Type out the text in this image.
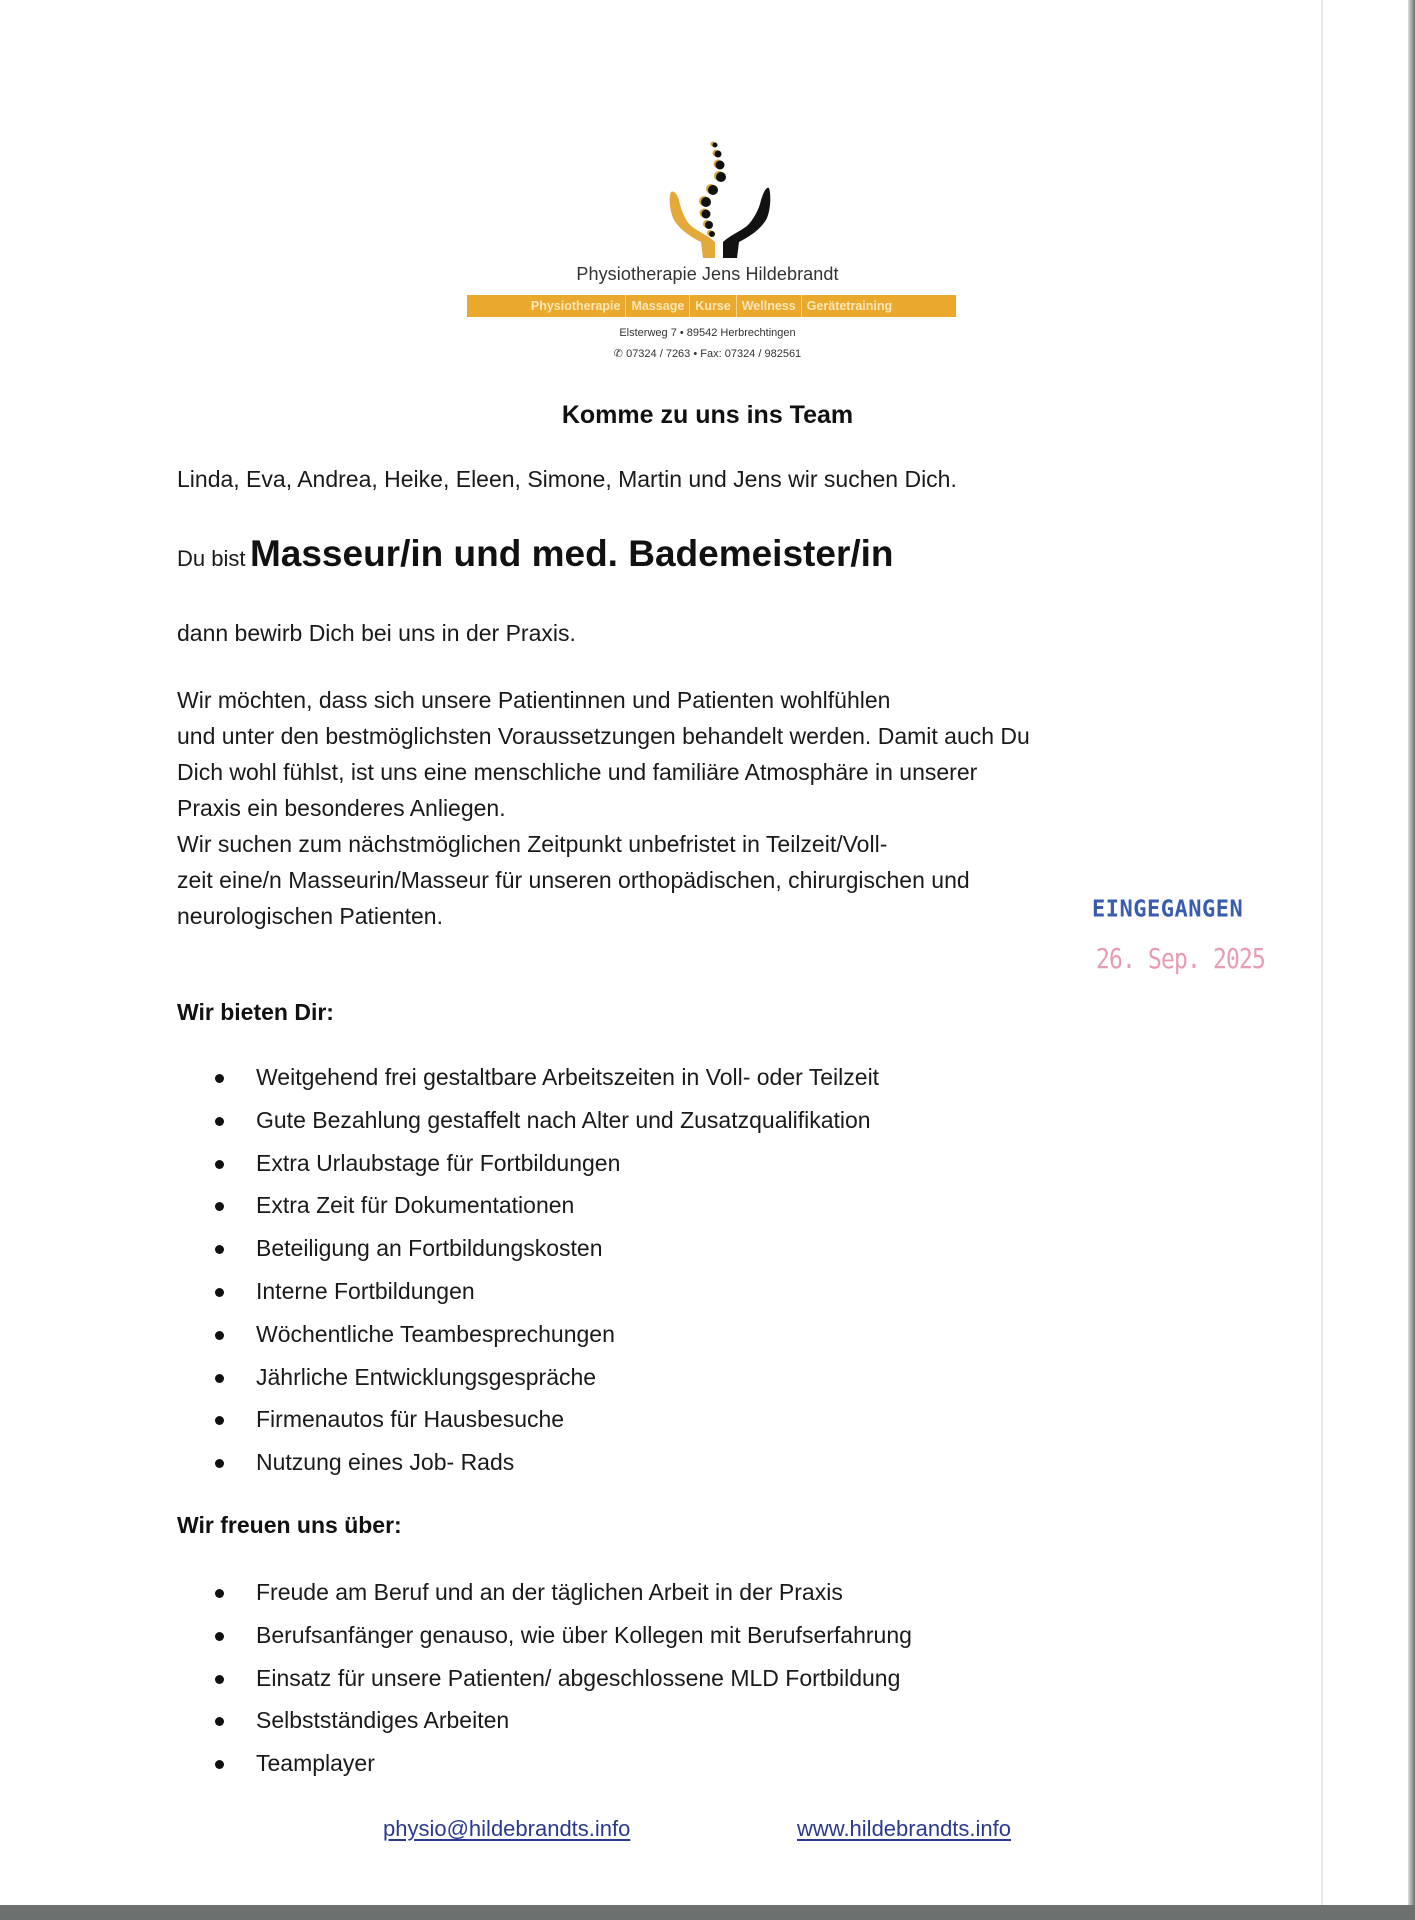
Physiotherapie Jens Hildebrandt
Physiotherapie Massage Kurse Wellness Gerätetraining
Elsterweg 7 • 89542 Herbrechtingen
✆ 07324 / 7263 • Fax: 07324 / 982561
Komme zu uns ins Team
Linda, Eva, Andrea, Heike, Eleen, Simone, Martin und Jens wir suchen Dich.
Du bist Masseur/in und med. Bademeister/in
dann bewirb Dich bei uns in der Praxis.
Wir möchten, dass sich unsere Patientinnen und Patienten wohlfühlen
und unter den bestmöglichsten Voraussetzungen behandelt werden. Damit auch Du
Dich wohl fühlst, ist uns eine menschliche und familiäre Atmosphäre in unserer
Praxis ein besonderes Anliegen.
Wir suchen zum nächstmöglichen Zeitpunkt unbefristet in Teilzeit/Voll-
zeit eine/n Masseurin/Masseur für unseren orthopädischen, chirurgischen und
neurologischen Patienten.	EINGEGANGEN
26. Sep. 2025
Wir bieten Dir:
Weitgehend frei gestaltbare Arbeitszeiten in Voll- oder Teilzeit
Gute Bezahlung gestaffelt nach Alter und Zusatzqualifikation
Extra Urlaubstage für Fortbildungen
Extra Zeit für Dokumentationen
Beteiligung an Fortbildungskosten
Interne Fortbildungen
Wöchentliche Teambesprechungen
Jährliche Entwicklungsgespräche
Firmenautos für Hausbesuche
Nutzung eines Job- Rads
Wir freuen uns über:
Freude am Beruf und an der täglichen Arbeit in der Praxis
Berufsanfänger genauso, wie über Kollegen mit Berufserfahrung
Einsatz für unsere Patienten/ abgeschlossene MLD Fortbildung
Selbstständiges Arbeiten
Teamplayer
physio@hildebrandts.info	www.hildebrandts.info
